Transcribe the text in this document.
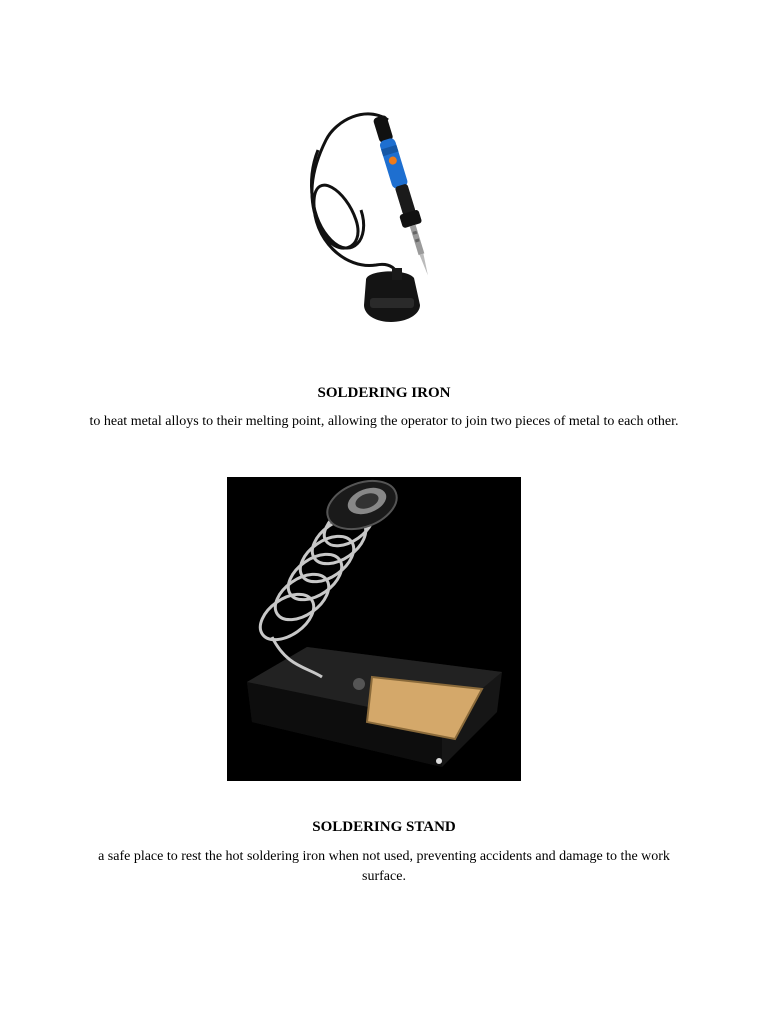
SOLDERING IRON
to heat metal alloys to their melting point, allowing the operator to join two pieces of metal to each other.
SOLDERING STAND
a safe place to rest the hot soldering iron when not used, preventing accidents and damage to the work surface.
